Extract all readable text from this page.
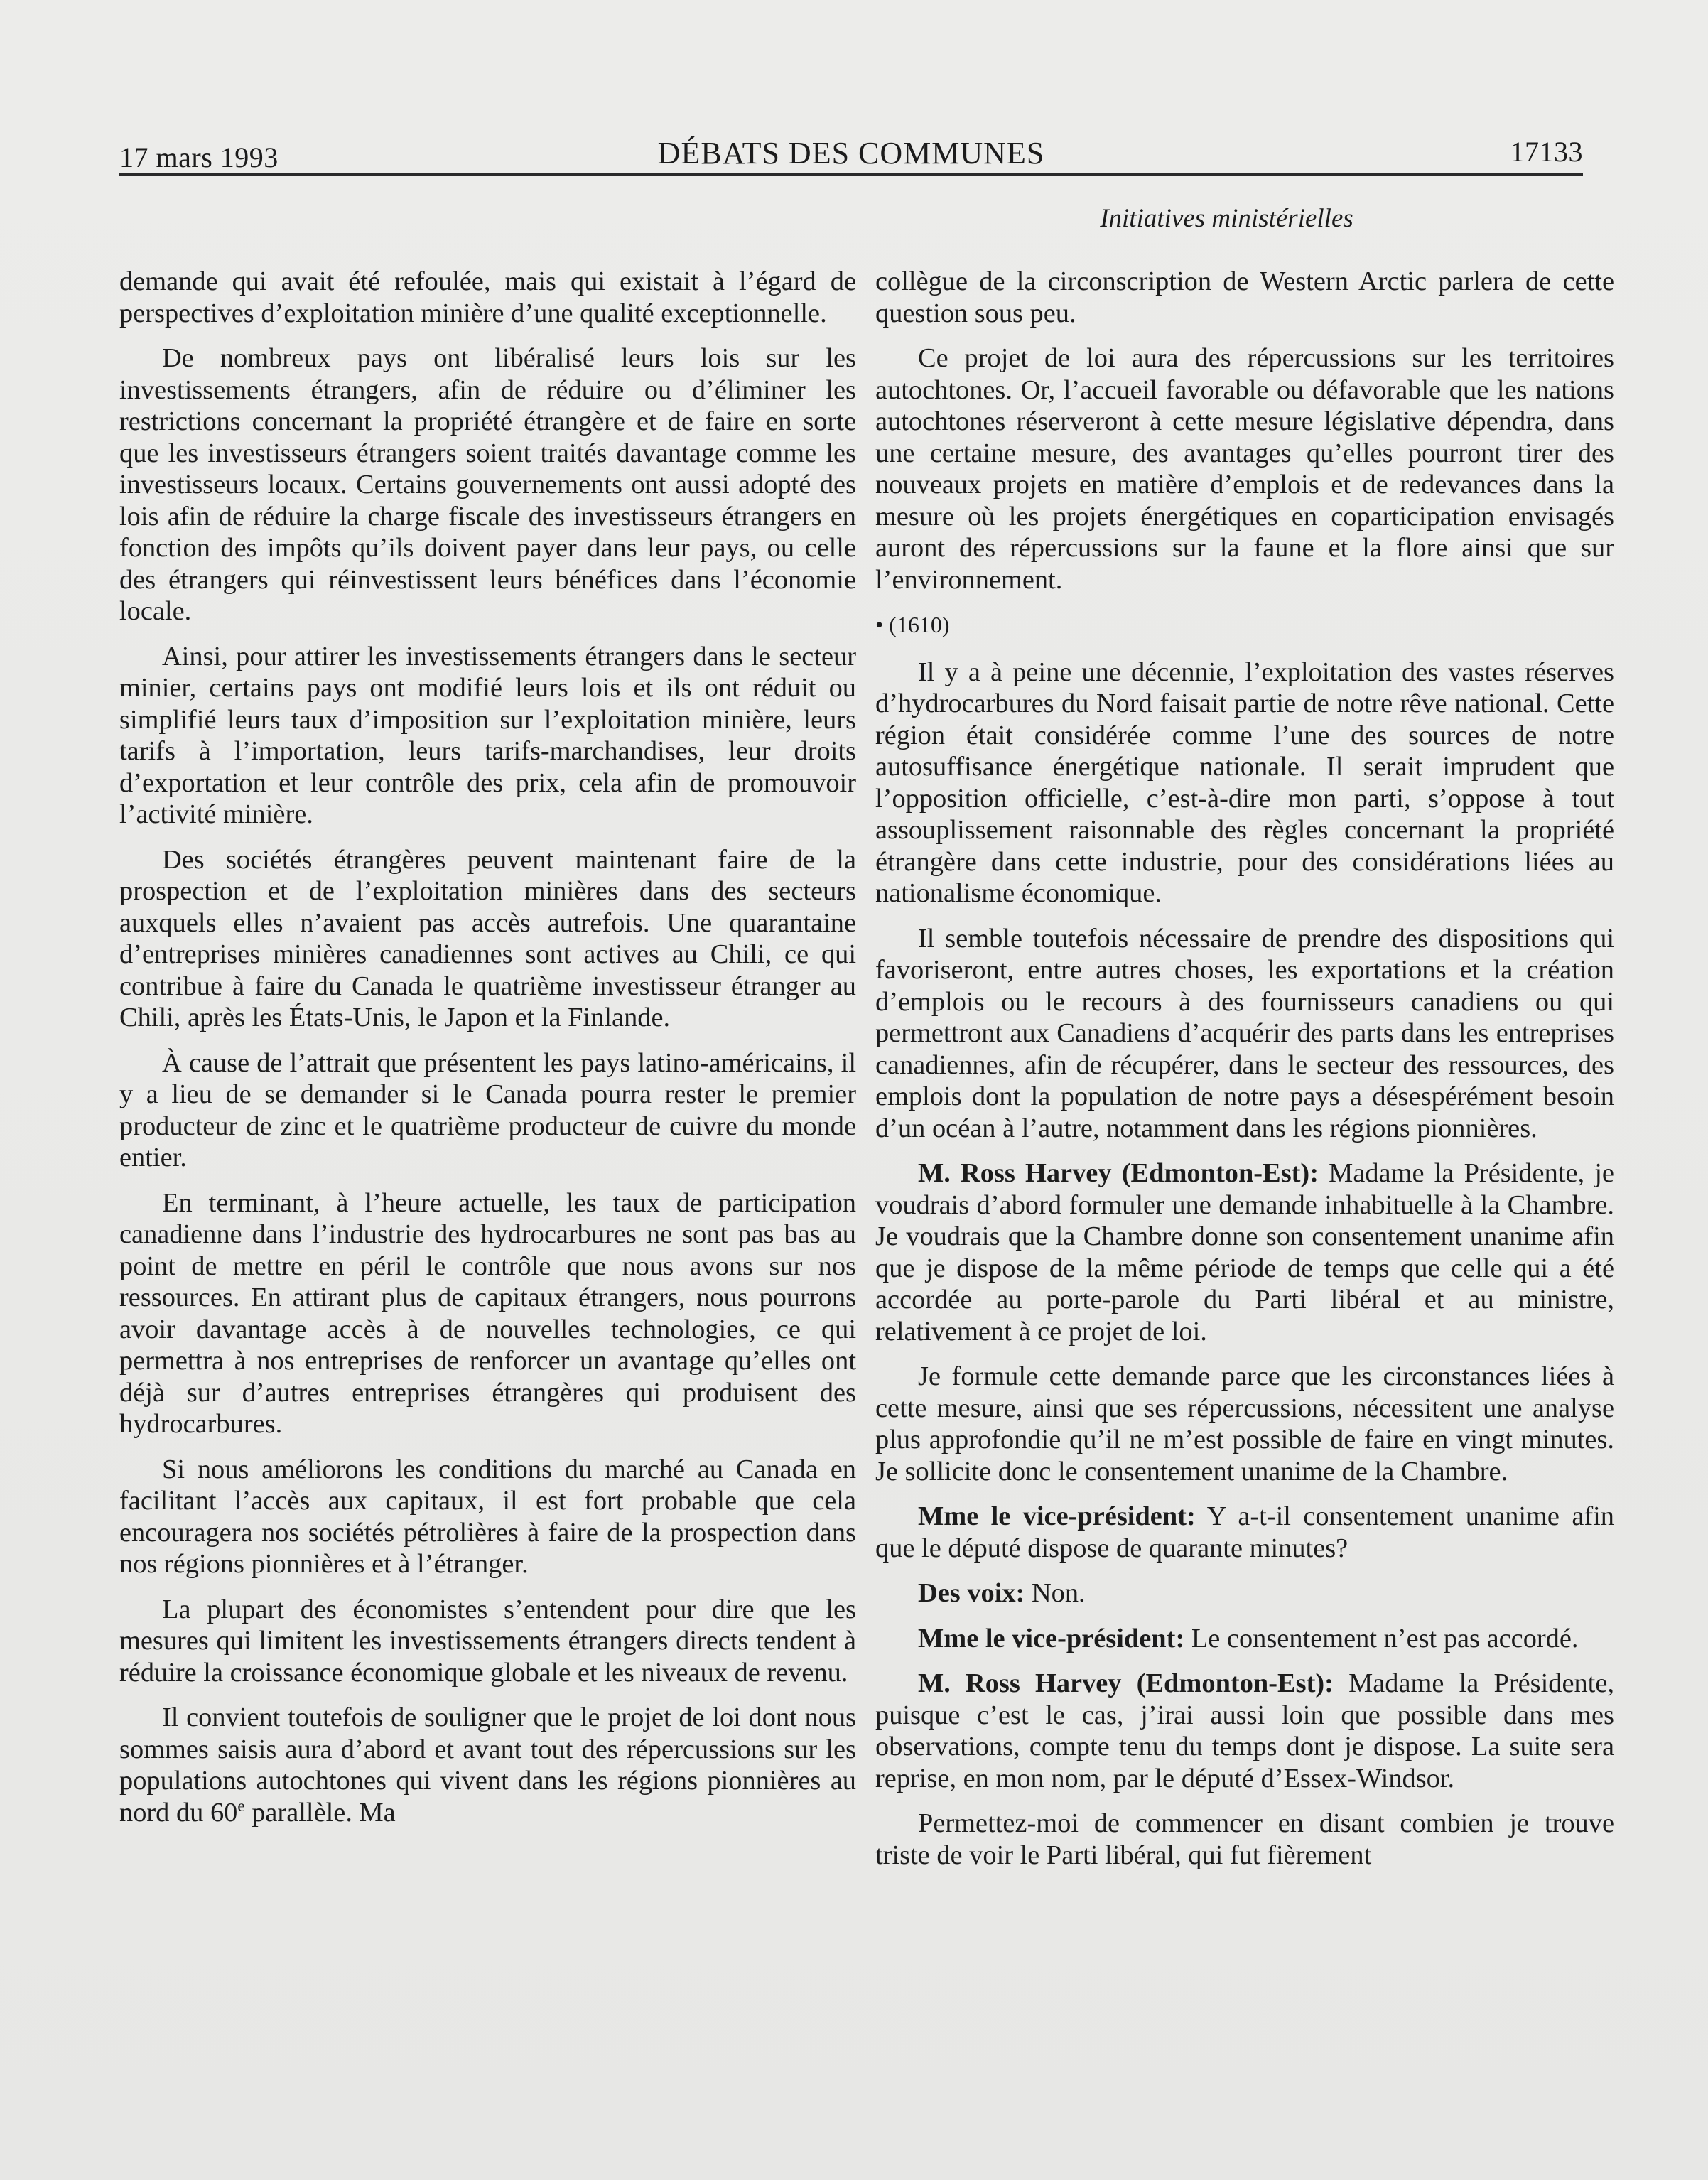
17 mars 1993	DÉBATS DES COMMUNES	17133
Initiatives ministérielles

demande qui avait été refoulée, mais qui existait à l’égard de perspectives d’exploitation minière d’une qualité exceptionnelle.

De nombreux pays ont libéralisé leurs lois sur les investissements étrangers, afin de réduire ou d’éliminer les restrictions concernant la propriété étrangère et de faire en sorte que les investisseurs étrangers soient traités davantage comme les investisseurs locaux. Certains gouvernements ont aussi adopté des lois afin de réduire la charge fiscale des investisseurs étrangers en fonction des impôts qu’ils doivent payer dans leur pays, ou celle des étrangers qui réinvestissent leurs bénéfices dans l’économie locale.

Ainsi, pour attirer les investissements étrangers dans le secteur minier, certains pays ont modifié leurs lois et ils ont réduit ou simplifié leurs taux d’imposition sur l’exploitation minière, leurs tarifs à l’importation, leurs tarifs-marchandises, leur droits d’exportation et leur contrôle des prix, cela afin de promouvoir l’activité minière.

Des sociétés étrangères peuvent maintenant faire de la prospection et de l’exploitation minières dans des secteurs auxquels elles n’avaient pas accès autrefois. Une quarantaine d’entreprises minières canadiennes sont actives au Chili, ce qui contribue à faire du Canada le quatrième investisseur étranger au Chili, après les États-Unis, le Japon et la Finlande.

À cause de l’attrait que présentent les pays latino-américains, il y a lieu de se demander si le Canada pourra rester le premier producteur de zinc et le quatrième producteur de cuivre du monde entier.

En terminant, à l’heure actuelle, les taux de participation canadienne dans l’industrie des hydrocarbures ne sont pas bas au point de mettre en péril le contrôle que nous avons sur nos ressources. En attirant plus de capitaux étrangers, nous pourrons avoir davantage accès à de nouvelles technologies, ce qui permettra à nos entreprises de renforcer un avantage qu’elles ont déjà sur d’autres entreprises étrangères qui produisent des hydrocarbures.

Si nous améliorons les conditions du marché au Canada en facilitant l’accès aux capitaux, il est fort probable que cela encouragera nos sociétés pétrolières à faire de la prospection dans nos régions pionnières et à l’étranger.

La plupart des économistes s’entendent pour dire que les mesures qui limitent les investissements étrangers directs tendent à réduire la croissance économique globale et les niveaux de revenu.

Il convient toutefois de souligner que le projet de loi dont nous sommes saisis aura d’abord et avant tout des répercussions sur les populations autochtones qui vivent dans les régions pionnières au nord du 60e parallèle. Ma

collègue de la circonscription de Western Arctic parlera de cette question sous peu.

Ce projet de loi aura des répercussions sur les territoires autochtones. Or, l’accueil favorable ou défavorable que les nations autochtones réserveront à cette mesure législative dépendra, dans une certaine mesure, des avantages qu’elles pourront tirer des nouveaux projets en matière d’emplois et de redevances dans la mesure où les projets énergétiques en coparticipation envisagés auront des répercussions sur la faune et la flore ainsi que sur l’environnement.

• (1610)

Il y a à peine une décennie, l’exploitation des vastes réserves d’hydrocarbures du Nord faisait partie de notre rêve national. Cette région était considérée comme l’une des sources de notre autosuffisance énergétique nationale. Il serait imprudent que l’opposition officielle, c’est-à-dire mon parti, s’oppose à tout assouplissement raisonnable des règles concernant la propriété étrangère dans cette industrie, pour des considérations liées au nationalisme économique.

Il semble toutefois nécessaire de prendre des dispositions qui favoriseront, entre autres choses, les exportations et la création d’emplois ou le recours à des fournisseurs canadiens ou qui permettront aux Canadiens d’acquérir des parts dans les entreprises canadiennes, afin de récupérer, dans le secteur des ressources, des emplois dont la population de notre pays a désespérément besoin d’un océan à l’autre, notamment dans les régions pionnières.

M. Ross Harvey (Edmonton-Est): Madame la Présidente, je voudrais d’abord formuler une demande inhabituelle à la Chambre. Je voudrais que la Chambre donne son consentement unanime afin que je dispose de la même période de temps que celle qui a été accordée au porte-parole du Parti libéral et au ministre, relativement à ce projet de loi.

Je formule cette demande parce que les circonstances liées à cette mesure, ainsi que ses répercussions, nécessitent une analyse plus approfondie qu’il ne m’est possible de faire en vingt minutes. Je sollicite donc le consentement unanime de la Chambre.

Mme le vice-président: Y a-t-il consentement unanime afin que le député dispose de quarante minutes?

Des voix: Non.

Mme le vice-président: Le consentement n’est pas accordé.

M. Ross Harvey (Edmonton-Est): Madame la Présidente, puisque c’est le cas, j’irai aussi loin que possible dans mes observations, compte tenu du temps dont je dispose. La suite sera reprise, en mon nom, par le député d’Essex-Windsor.

Permettez-moi de commencer en disant combien je trouve triste de voir le Parti libéral, qui fut fièrement
